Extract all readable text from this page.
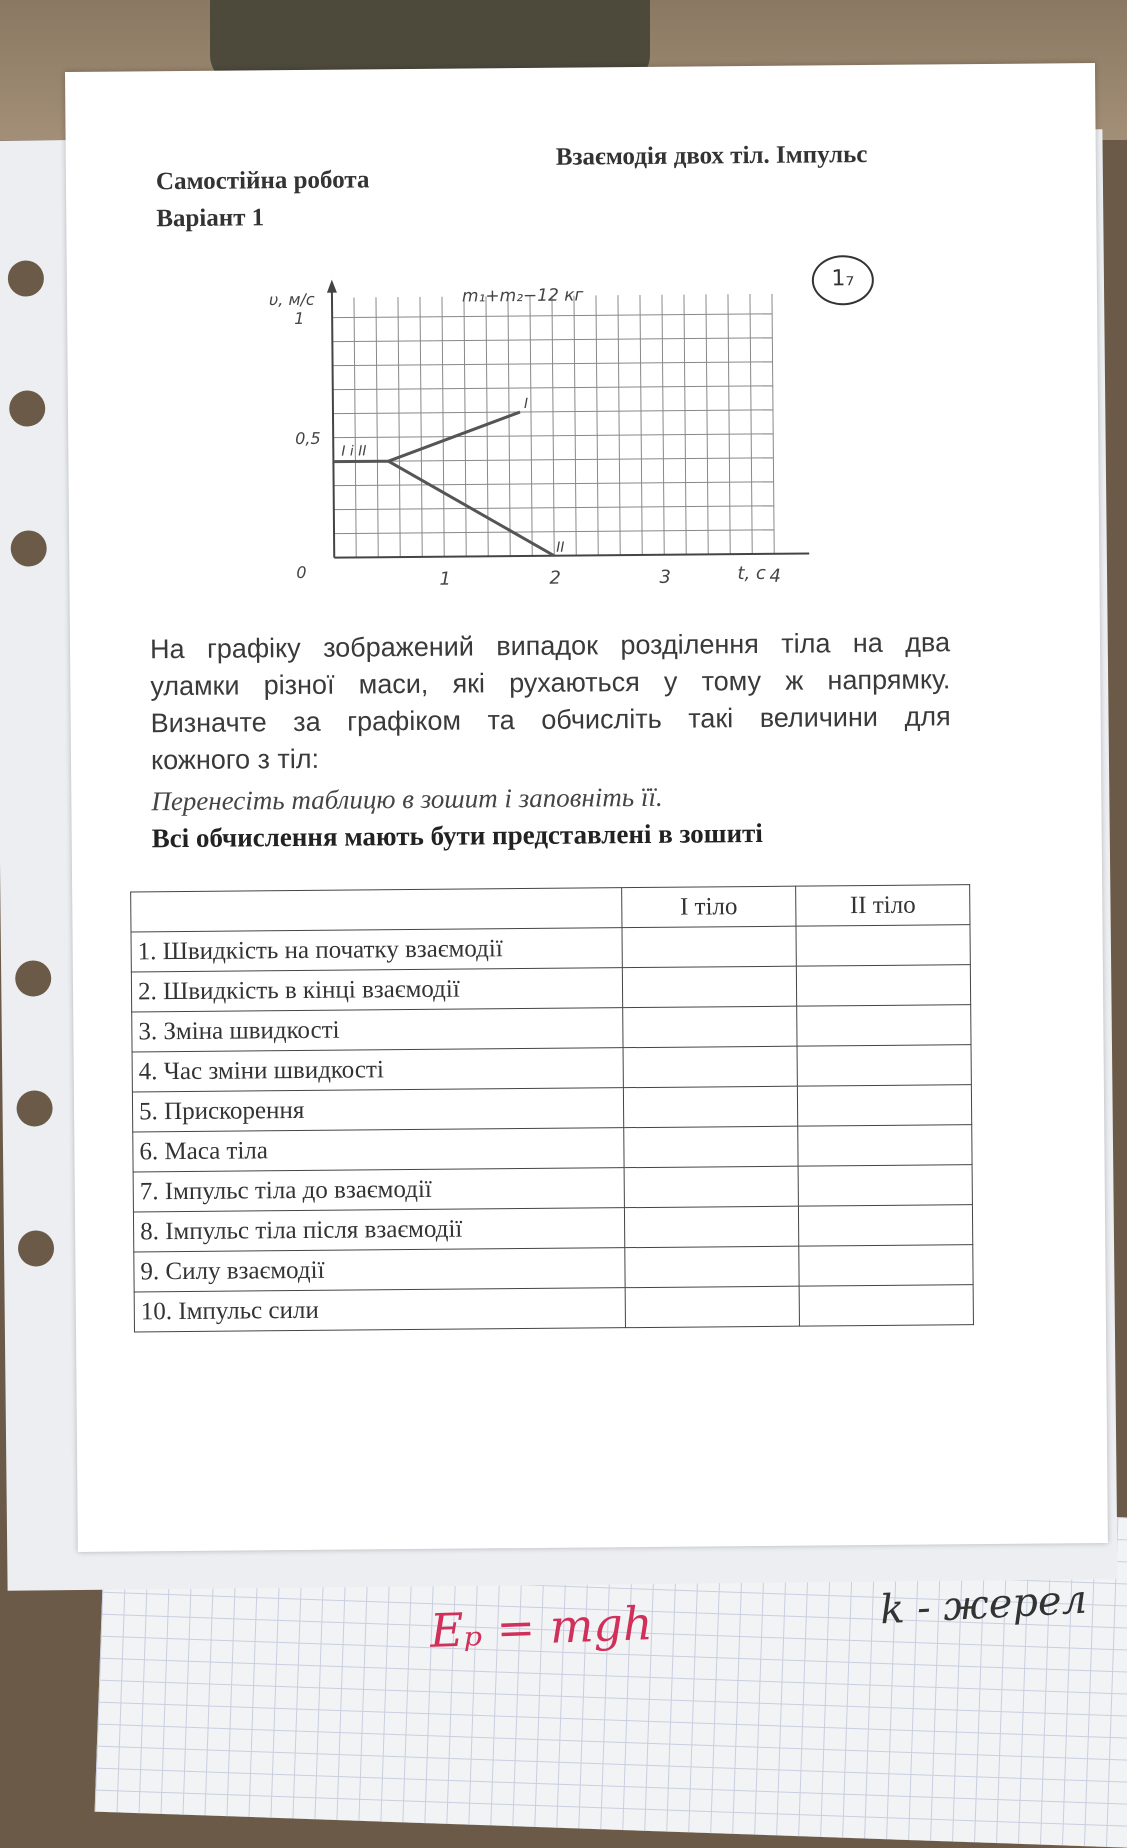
Eₚ = mgh	k - жерел
Самостійна робота
Варіант 1
Взаємодія двох тіл. Імпульс
1₇
1	2	3	4
0
0,5
1
I і II
I
II
υ, м/с
t, c
m₁+m₂−12 кг
На графіку зображений випадок розділення тіла на два
уламки різної маси, які рухаються у тому ж напрямку.
Визначте за графіком та обчисліть такі величини для
кожного з тіл:
Перенесіть таблицю в зошит і заповніть її.
Всі обчислення мають бути представлені в зошиті
	I тіло	II тіло
1. Швидкість на початку взаємодії		
2. Швидкість в кінці взаємодії		
3. Зміна швидкості		
4. Час зміни швидкості		
5. Прискорення		
6. Маса тіла		
7. Імпульс тіла до взаємодії		
8. Імпульс тіла після взаємодії		
9. Силу взаємодії		
10. Імпульс сили		
